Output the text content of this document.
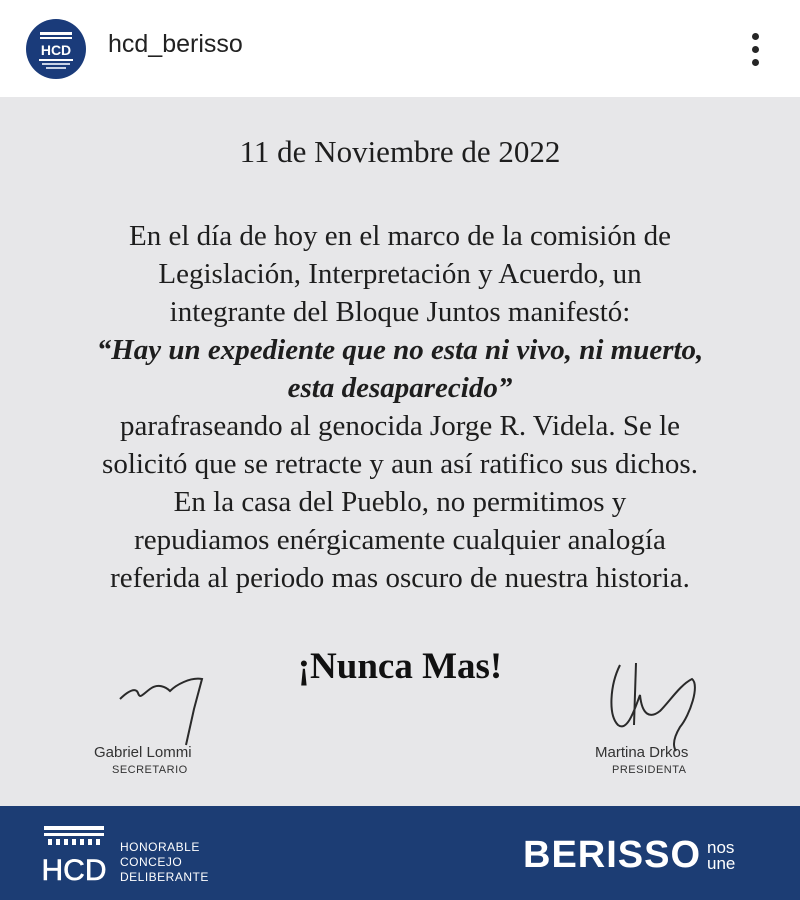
HCD hcd_berisso
11 de Noviembre de 2022
En el día de hoy en el marco de la comisión de
Legislación, Interpretación y Acuerdo, un
integrante del Bloque Juntos manifestó:
“Hay un expediente que no esta ni vivo, ni muerto,
esta desaparecido”
parafraseando al genocida Jorge R. Videla. Se le
solicitó que se retracte y aun así ratifico sus dichos.
En la casa del Pueblo, no permitimos y
repudiamos enérgicamente cualquier analogía
referida al periodo mas oscuro de nuestra historia.
¡Nunca Mas!
Gabriel Lommi
SECRETARIO
Martina Drkos
PRESIDENTA
HCD
HONORABLE
CONCEJO
DELIBERANTE
BERISSO nos
une
